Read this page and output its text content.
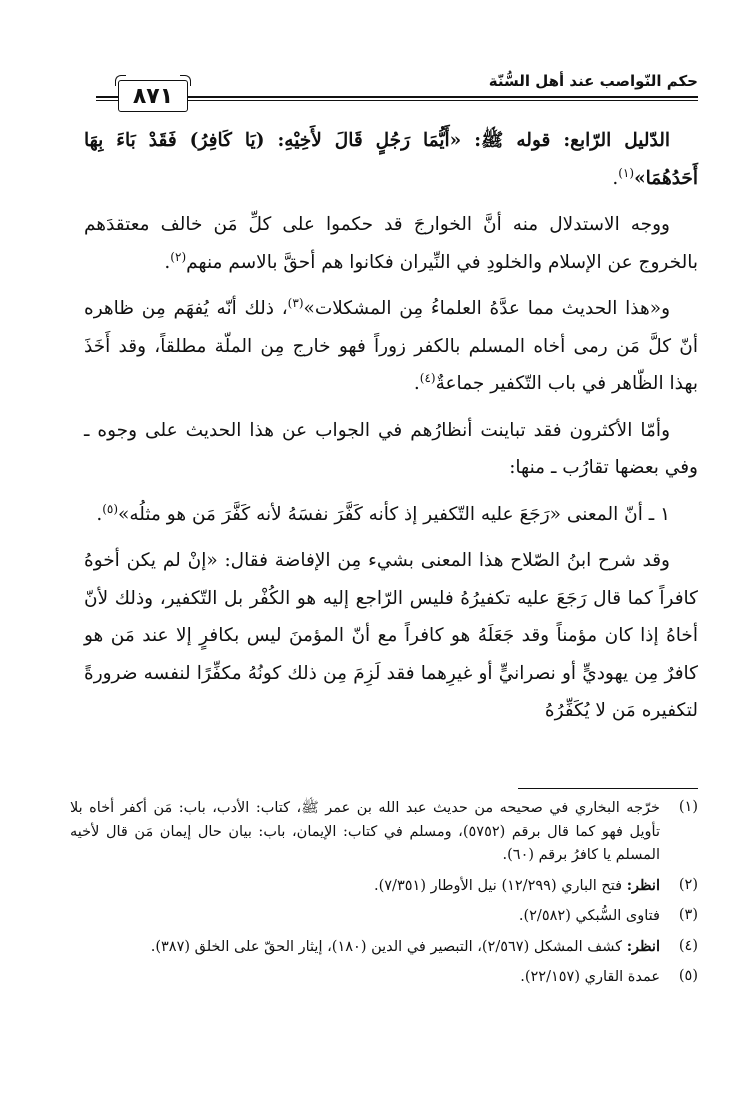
حكم النّواصب عند أهل السُّنّة
٨٧١

الدّليل الرّابع: قوله ﷺ: «أَيُّمَا رَجُلٍ قَالَ لأَخِيْهِ: (يَا كَافِرُ) فَقَدْ بَاءَ بِهَا أَحَدُهُمَا»$^{(١)}$.

ووجه الاستدلال منه أنَّ الخوارجَ قد حكموا على كلِّ مَن خالف معتقدَهم بالخروج عن الإسلام والخلودِ في النِّيران فكانوا هم أحقَّ بالاسم منهم$^{(٢)}$.

و«هذا الحديث مما عدَّهُ العلماءُ مِن المشكلات»$^{(٣)}$، ذلك أنّه يُفهَم مِن ظاهره أنّ كلَّ مَن رمى أخاه المسلم بالكفر زوراً فهو خارج مِن الملّة مطلقاً، وقد أَخَذَ بهذا الظّاهر في باب التّكفير جماعةٌ$^{(٤)}$.

وأمّا الأكثرون فقد تباينت أنظارُهم في الجواب عن هذا الحديث على وجوه ـ وفي بعضها تقارُب ـ منها:

١ ـ أنّ المعنى «رَجَعَ عليه التّكفير إذ كأنه كَفَّرَ نفسَهُ لأنه كَفَّرَ مَن هو مثلُه»$^{(٥)}$.

وقد شرح ابنُ الصّلاح هذا المعنى بشيء مِن الإفاضة فقال: «إنْ لم يكن أخوهُ كافراً كما قال رَجَعَ عليه تكفيرُهُ فليس الرّاجع إليه هو الكُفْر بل التّكفير، وذلك لأنّ أخاهُ إذا كان مؤمناً وقد جَعَلَهُ هو كافراً مع أنّ المؤمنَ ليس بكافرٍ إلا عند مَن هو كافرٌ مِن يهوديٍّ أو نصرانيٍّ أو غيرِهما فقد لَزِمَ مِن ذلك كونُهُ مكفِّرًا لنفسه ضرورةً لتكفيره مَن لا يُكَفِّرُهُ

(١)
خرّجه البخاري في صحيحه من حديث عبد الله بن عمر ﷺ، كتاب: الأدب، باب: مَن أكفر أخاه بلا تأويل فهو كما قال برقم (٥٧٥٢)، ومسلم في كتاب: الإيمان، باب: بيان حال إيمان مَن قال لأخيه المسلم يا كافرُ برقم (٦٠).
(٢)
انظر: فتح الباري (١٢/٢٩٩) نيل الأوطار (٧/٣٥١).
(٣)
فتاوى السُّبكي (٢/٥٨٢).
(٤)
انظر: كشف المشكل (٢/٥٦٧)، التبصير في الدين (١٨٠)، إيثار الحقّ على الخلق (٣٨٧).
(٥)
عمدة القاري (٢٢/١٥٧).
